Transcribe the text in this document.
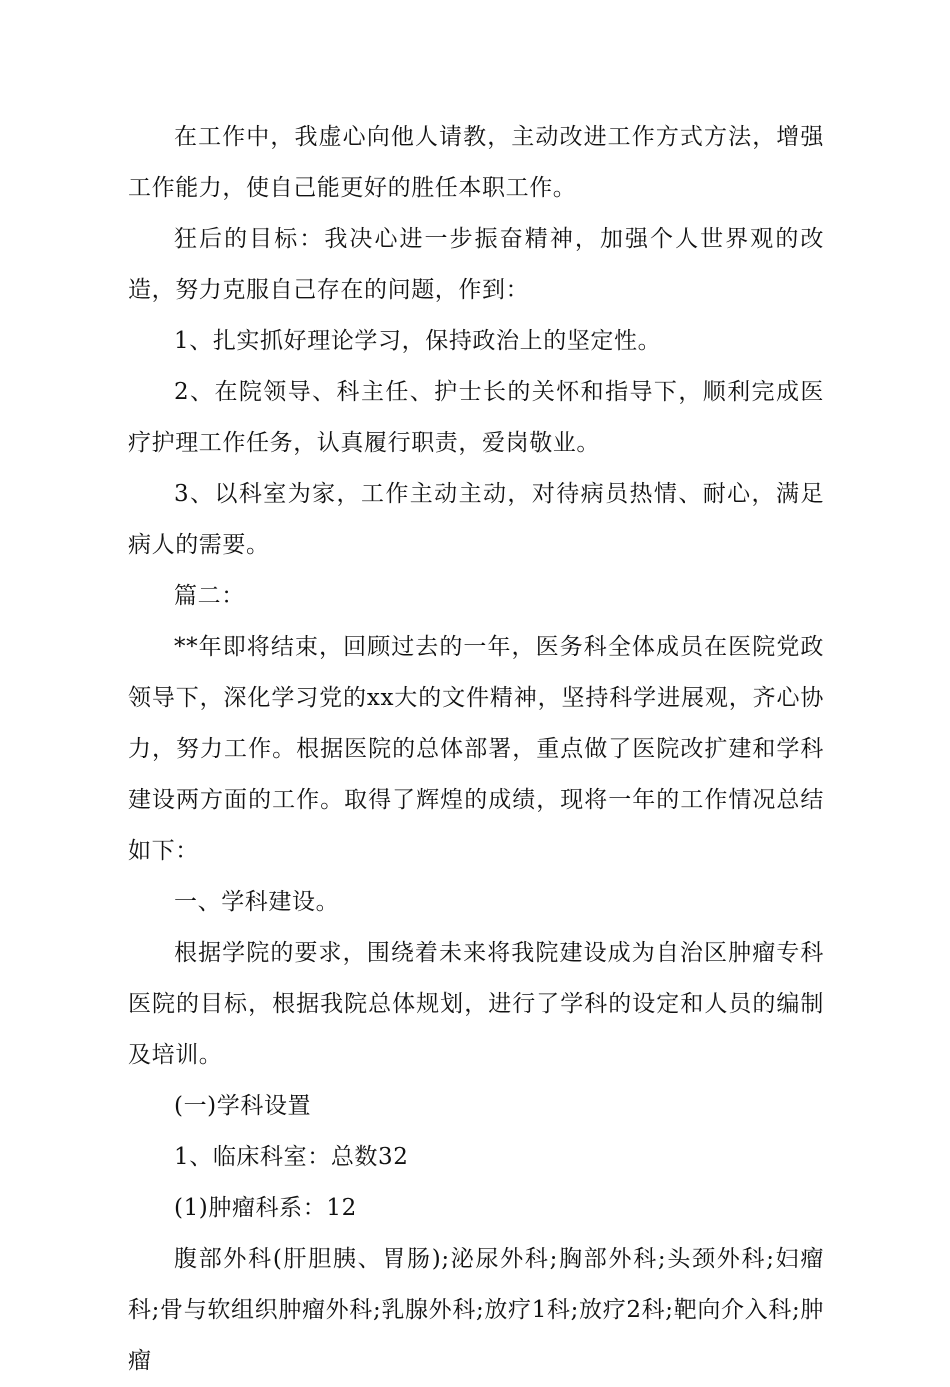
在工作中，我虚心向他人请教，主动改进工作方式方法，增强工作能力，使自己能更好的胜任本职工作。

狂后的目标：我决心进一步振奋精神，加强个人世界观的改造，努力克服自己存在的问题，作到：

1、扎实抓好理论学习，保持政治上的坚定性。

2、在院领导、科主任、护士长的关怀和指导下，顺利完成医疗护理工作任务，认真履行职责，爱岗敬业。

3、以科室为家，工作主动主动，对待病员热情、耐心，满足病人的需要。

篇二：

**年即将结束，回顾过去的一年，医务科全体成员在医院党政领导下，深化学习党的xx大的文件精神，坚持科学进展观，齐心协力，努力工作。根据医院的总体部署，重点做了医院改扩建和学科建设两方面的工作。取得了辉煌的成绩，现将一年的工作情况总结如下：

一、学科建设。

根据学院的要求，围绕着未来将我院建设成为自治区肿瘤专科医院的目标，根据我院总体规划，进行了学科的设定和人员的编制及培训。

(一)学科设置

1、临床科室：总数32

(1)肿瘤科系：12

腹部外科(肝胆胰、胃肠);泌尿外科;胸部外科;头颈外科;妇瘤科;骨与软组织肿瘤外科;乳腺外科;放疗1科;放疗2科;靶向介入科;肿瘤
